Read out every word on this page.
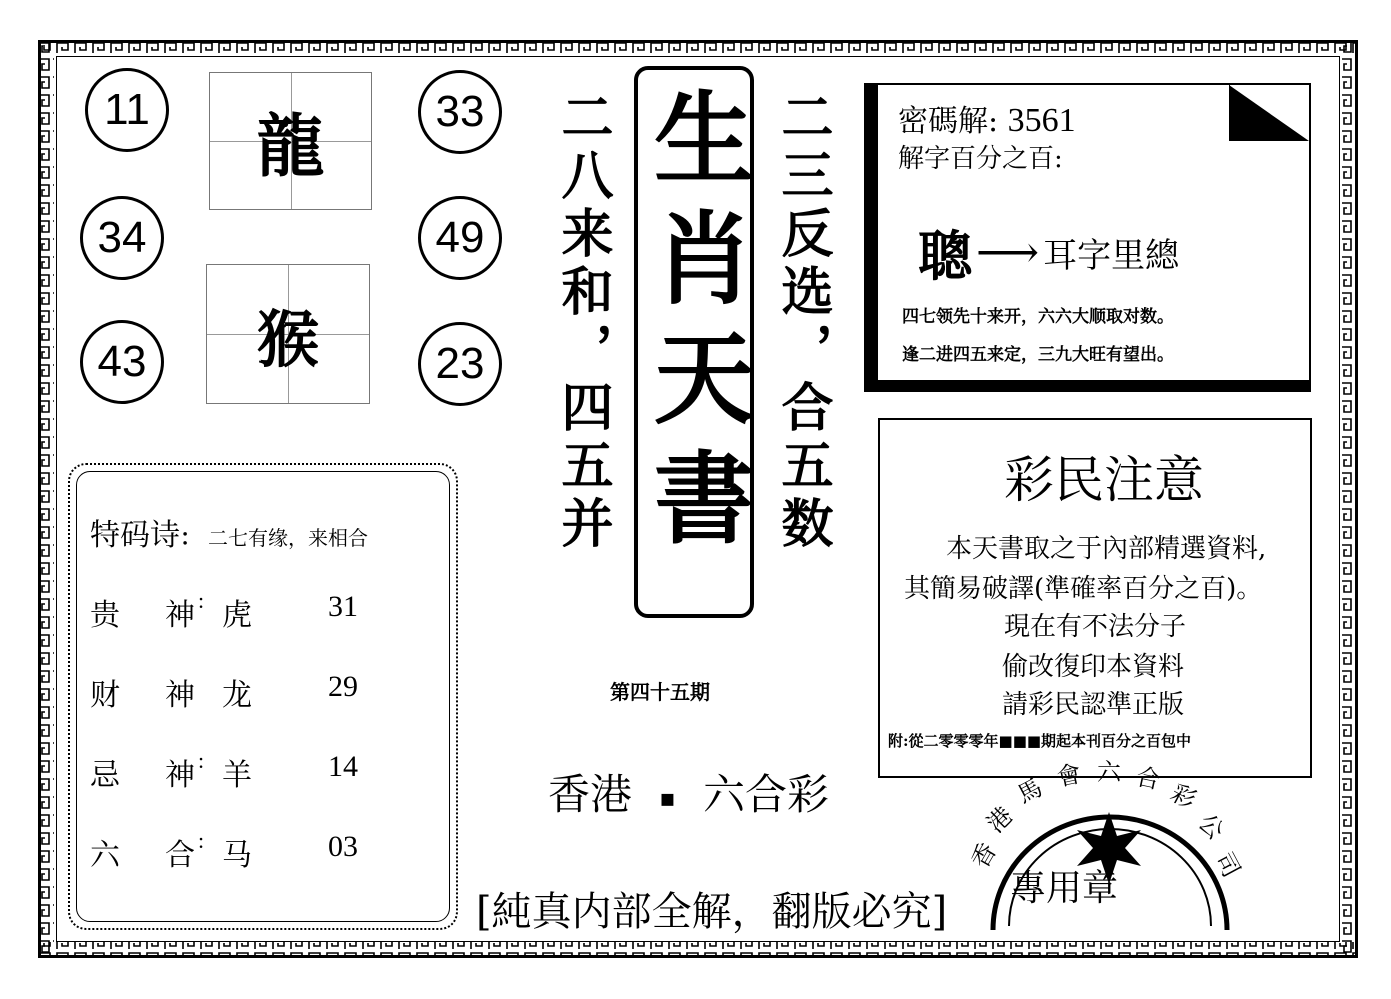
11
34
43
33
49
23
龍
猴	二八来和，四五并 生肖天書 二三反选，合五数
第四十五期
香港 ▪ 六合彩
[純真内部全解，翻版必究]
特码诗： 二七有缘，来相合
贵 神 : 虎	31
财 神 龙	29
忌 神 : 羊	14
六 合 : 马	03
密碼解: 3561
解字百分之百:
聰 ⟶ 耳字里總
四七领先十来开，六六大顺取对数。
逢二进四五来定，三九大旺有望出。
彩民注意
本天書取之于內部精選資料,
其簡易破譯(準確率百分之百)。
現在有不法分子
偷改復印本資料
請彩民認準正版
附:從二零零零年■■■期起本刊百分之百包中
香
港
馬 會 六 合 彩
公
司
專用章
